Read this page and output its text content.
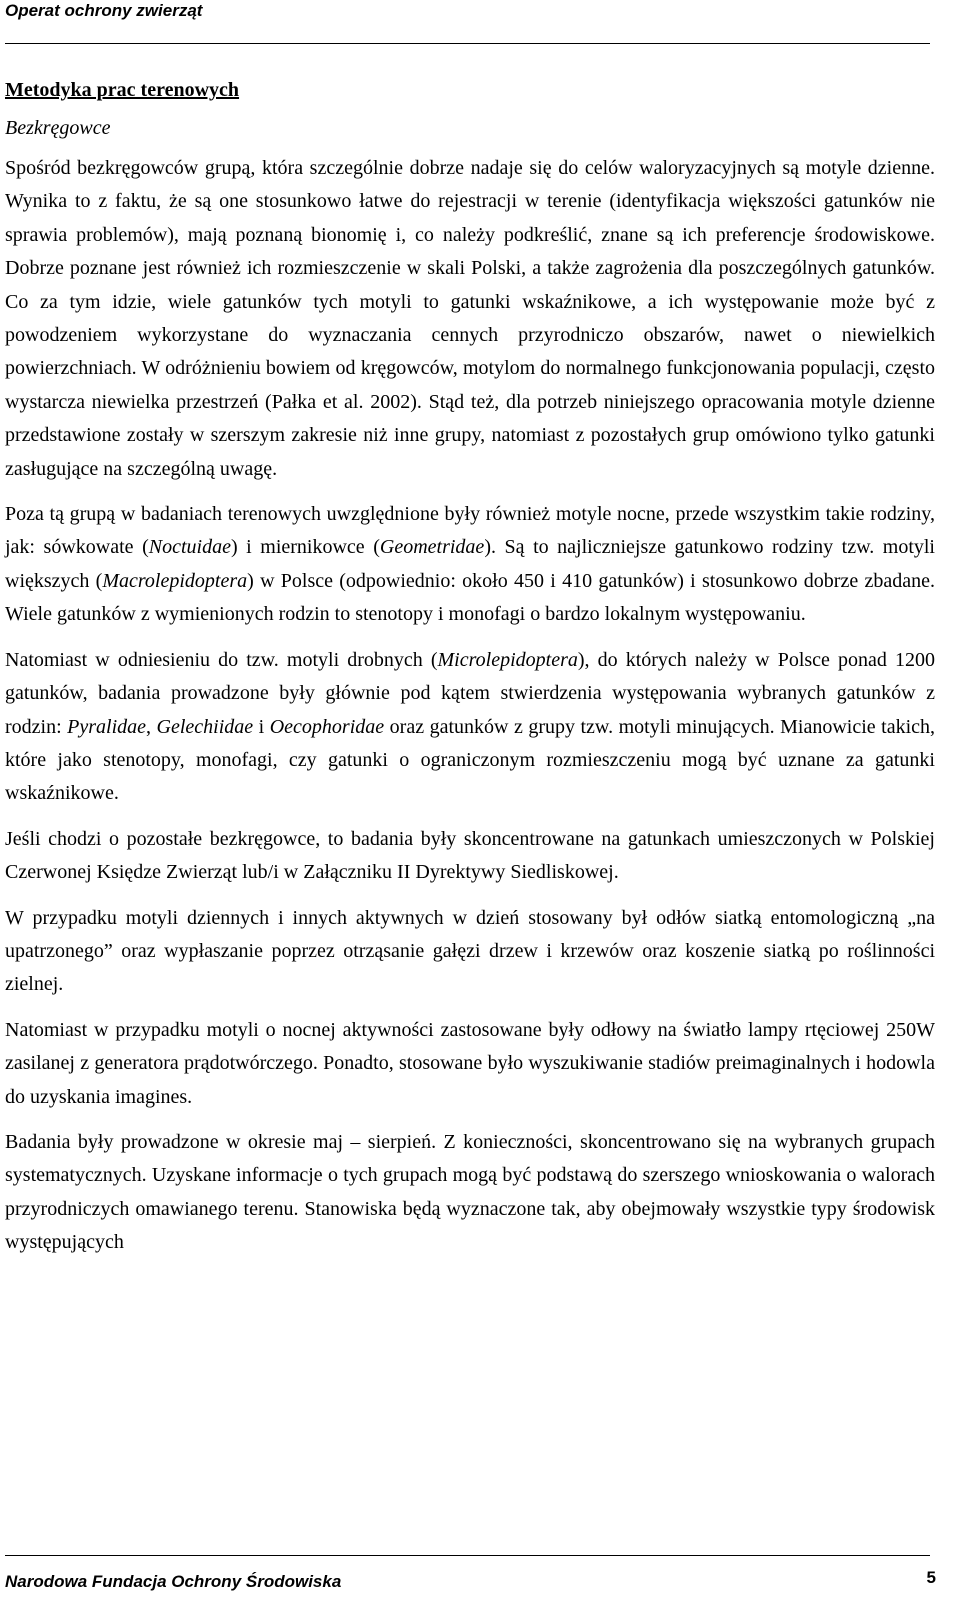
Operat ochrony zwierząt
Metodyka prac terenowych
Bezkręgowce

Spośród bezkręgowców grupą, która szczególnie dobrze nadaje się do celów waloryzacyjnych są motyle dzienne. Wynika to z faktu, że są one stosunkowo łatwe do rejestracji w terenie (identyfikacja większości gatunków nie sprawia problemów), mają poznaną bionomię i, co należy podkreślić, znane są ich preferencje środowiskowe. Dobrze poznane jest również ich rozmieszczenie w skali Polski, a także zagrożenia dla poszczególnych gatunków. Co za tym idzie, wiele gatunków tych motyli to gatunki wskaźnikowe, a ich występowanie może być z powodzeniem wykorzystane do wyznaczania cennych przyrodniczo obszarów, nawet o niewielkich powierzchniach. W odróżnieniu bowiem od kręgowców, motylom do normalnego funkcjonowania populacji, często wystarcza niewielka przestrzeń (Pałka et al. 2002). Stąd też, dla potrzeb niniejszego opracowania motyle dzienne przedstawione zostały w szerszym zakresie niż inne grupy, natomiast z pozostałych grup omówiono tylko gatunki zasługujące na szczególną uwagę.

Poza tą grupą w badaniach terenowych uwzględnione były również motyle nocne, przede wszystkim takie rodziny, jak: sówkowate (Noctuidae) i miernikowce (Geometridae). Są to najliczniejsze gatunkowo rodziny tzw. motyli większych (Macrolepidoptera) w Polsce (odpowiednio: około 450 i 410 gatunków) i stosunkowo dobrze zbadane. Wiele gatunków z wymienionych rodzin to stenotopy i monofagi o bardzo lokalnym występowaniu.

Natomiast w odniesieniu do tzw. motyli drobnych (Microlepidoptera), do których należy w Polsce ponad 1200 gatunków, badania prowadzone były głównie pod kątem stwierdzenia występowania wybranych gatunków z rodzin: Pyralidae, Gelechiidae i Oecophoridae oraz gatunków z grupy tzw. motyli minujących. Mianowicie takich, które jako stenotopy, monofagi, czy gatunki o ograniczonym rozmieszczeniu mogą być uznane za gatunki wskaźnikowe.

Jeśli chodzi o pozostałe bezkręgowce, to badania były skoncentrowane na gatunkach umieszczonych w Polskiej Czerwonej Księdze Zwierząt lub/i w Załączniku II Dyrektywy Siedliskowej.

W przypadku motyli dziennych i innych aktywnych w dzień stosowany był odłów siatką entomologiczną „na upatrzonego” oraz wypłaszanie poprzez otrząsanie gałęzi drzew i krzewów oraz koszenie siatką po roślinności zielnej.

Natomiast w przypadku motyli o nocnej aktywności zastosowane były odłowy na światło lampy rtęciowej 250W zasilanej z generatora prądotwórczego. Ponadto, stosowane było wyszukiwanie stadiów preimaginalnych i hodowla do uzyskania imagines.

Badania były prowadzone w okresie maj – sierpień. Z konieczności, skoncentrowano się na wybranych grupach systematycznych. Uzyskane informacje o tych grupach mogą być podstawą do szerszego wnioskowania o walorach przyrodniczych omawianego terenu. Stanowiska będą wyznaczone tak, aby obejmowały wszystkie typy środowisk występujących

Narodowa Fundacja Ochrony Środowiska	5
